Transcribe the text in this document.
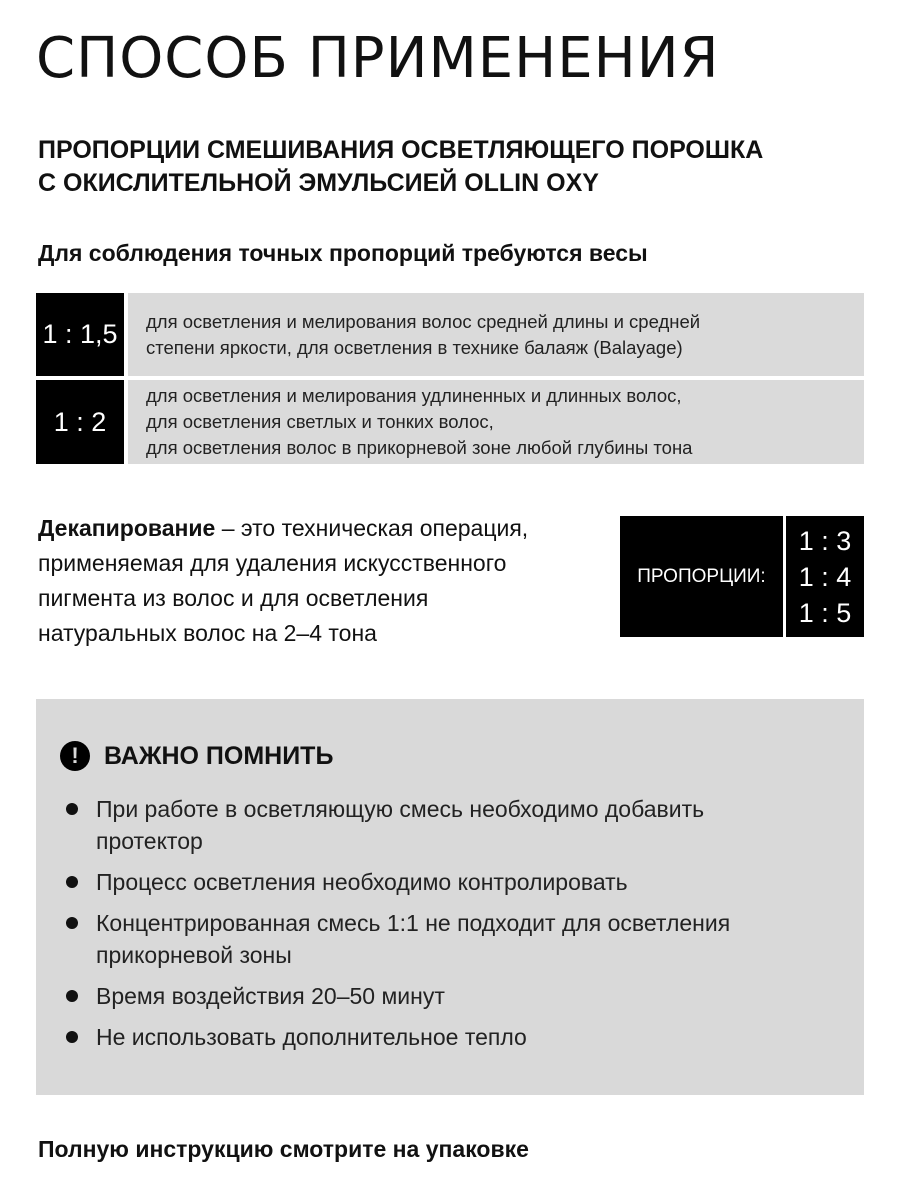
СПОСОБ ПРИМЕНЕНИЯ
ПРОПОРЦИИ СМЕШИВАНИЯ ОСВЕТЛЯЮЩЕГО ПОРОШКА
С ОКИСЛИТЕЛЬНОЙ ЭМУЛЬСИЕЙ OLLIN OXY
Для соблюдения точных пропорций требуются весы
1 : 1,5	для осветления и мелирования волос средней длины и средней
степени яркости, для осветления в технике балаяж (Balayage)
1 : 2
для осветления и мелирования удлиненных и длинных волос,
для осветления светлых и тонких волос,
для осветления волос в прикорневой зоне любой глубины тона
Декапирование – это техническая операция,
применяемая для удаления искусственного
пигмента из волос и для осветления
натуральных волос на 2–4 тона
ПРОПОРЦИИ:
1 : 3
1 : 4
1 : 5
!	ВАЖНО ПОМНИТЬ
При работе в осветляющую смесь необходимо добавить
протектор
Процесс осветления необходимо контролировать
Концентрированная смесь 1:1 не подходит для осветления
прикорневой зоны
Время воздействия 20–50 минут
Не использовать дополнительное тепло
Полную инструкцию смотрите на упаковке
